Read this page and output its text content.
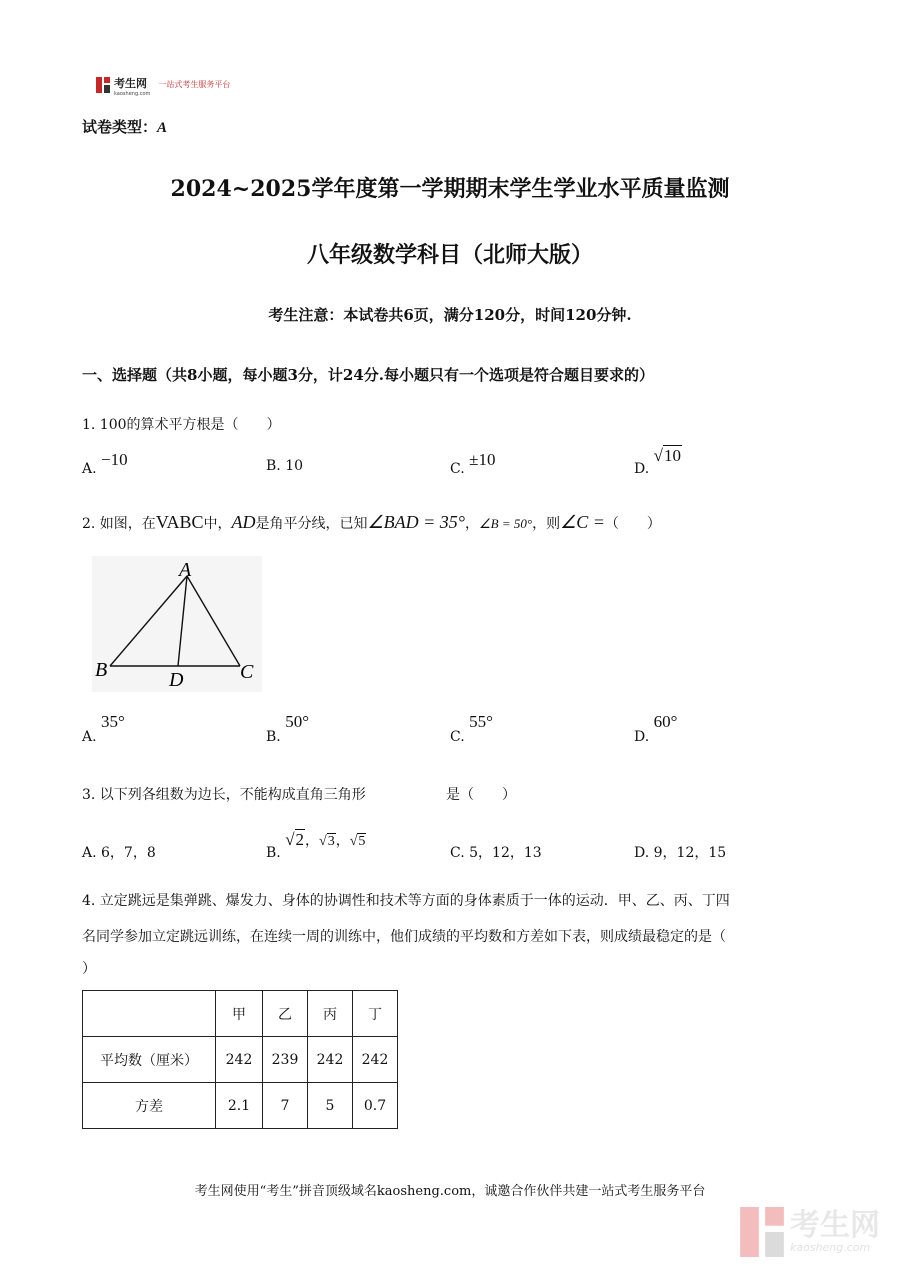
考生网
kaosheng.com
一站式考生服务平台
试卷类型：A
2024~2025学年度第一学期期末学生学业水平质量监测
八年级数学科目（北师大版）
考生注意：本试卷共6页，满分120分，时间120分钟.
一、选择题（共8小题，每小题3分，计24分.每小题只有一个选项是符合题目要求的）
1. 100的算术平方根是（　　）
A. −10	B. 10	C. ±10	D. √10
2. 如图，在VABC中，AD是角平分线，已知∠BAD = 35°，∠B = 50°，则∠C =（　　）
A
B	C
D
A. 35°
B. 50°
C. 55°
D. 60°
3. 以下列各组数为边长，不能构成直角三角形	是（　　）
A. 6，7，8	B. √2，√3，√5
C. 5，12，13	D. 9，12，15
4. 立定跳远是集弹跳、爆发力、身体的协调性和技术等方面的身体素质于一体的运动．甲、乙、丙、丁四
名同学参加立定跳远训练，在连续一周的训练中，他们成绩的平均数和方差如下表，则成绩最稳定的是（
）
	甲	乙	丙	丁
平均数（厘米）	242	239	242	242
方差	2.1	7	5	0.7
考生网使用“考生”拼音顶级域名kaosheng.com，诚邀合作伙伴共建一站式考生服务平台
考生网
kaosheng.com
